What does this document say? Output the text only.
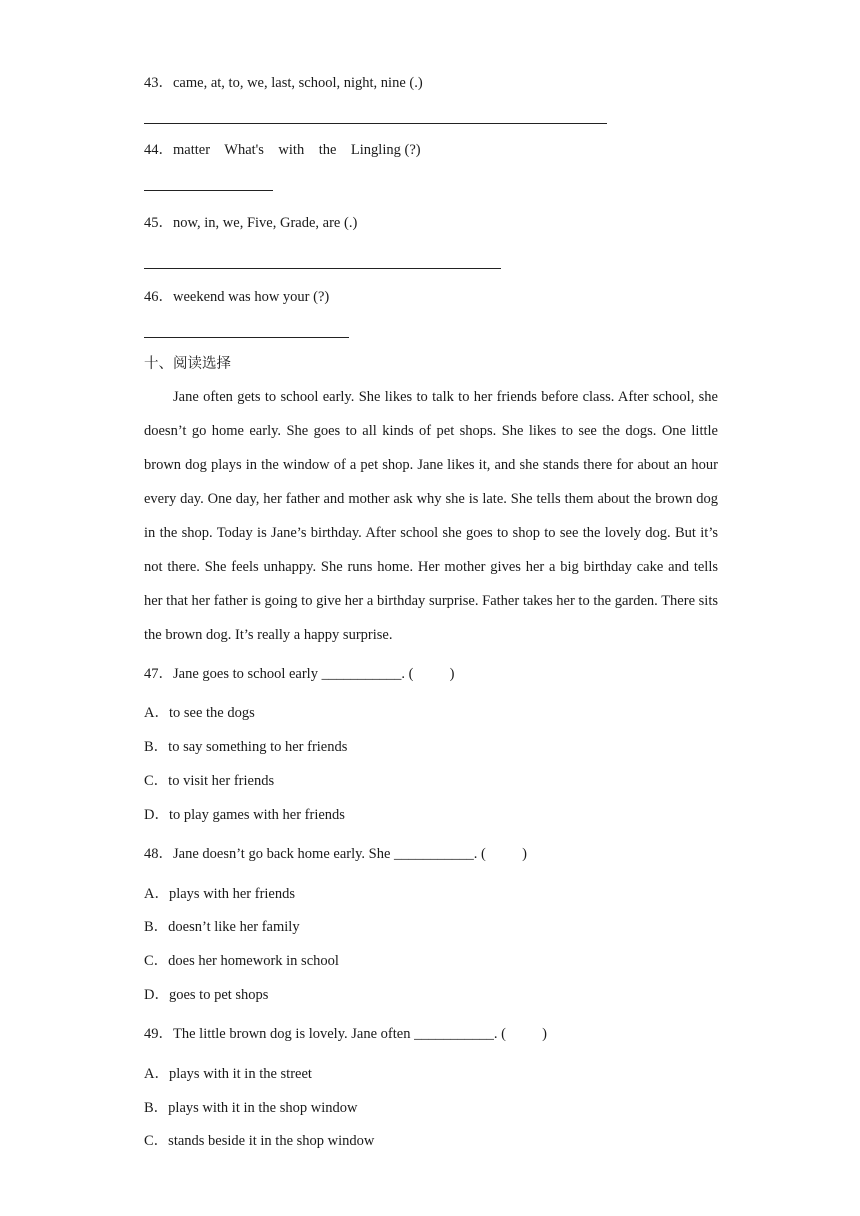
43．came, at, to, we, last, school, night, nine (.)
44．matter    What's    with    the    Lingling (?)
45．now, in, we, Five, Grade, are (.)
46．weekend was how your (?)
十、阅读选择
Jane often gets to school early. She likes to talk to her friends before class. After school, she doesn’t go home early. She goes to all kinds of pet shops. She likes to see the dogs. One little brown dog plays in the window of a pet shop. Jane likes it, and she stands there for about an hour every day. One day, her father and mother ask why she is late. She tells them about the brown dog in the shop. Today is Jane’s birthday. After school she goes to shop to see the lovely dog. But it’s not there. She feels unhappy. She runs home. Her mother gives her a big birthday cake and tells her that her father is going to give her a birthday surprise. Father takes her to the garden. There sits the brown dog. It’s really a happy surprise.
47．Jane goes to school early ___________. (          )
A．to see the dogs
B．to say something to her friends
C．to visit her friends
D．to play games with her friends
48．Jane doesn’t go back home early. She ___________. (          )
A．plays with her friends
B．doesn’t like her family
C．does her homework in school
D．goes to pet shops
49．The little brown dog is lovely. Jane often ___________. (          )
A．plays with it in the street
B．plays with it in the shop window
C．stands beside it in the shop window
